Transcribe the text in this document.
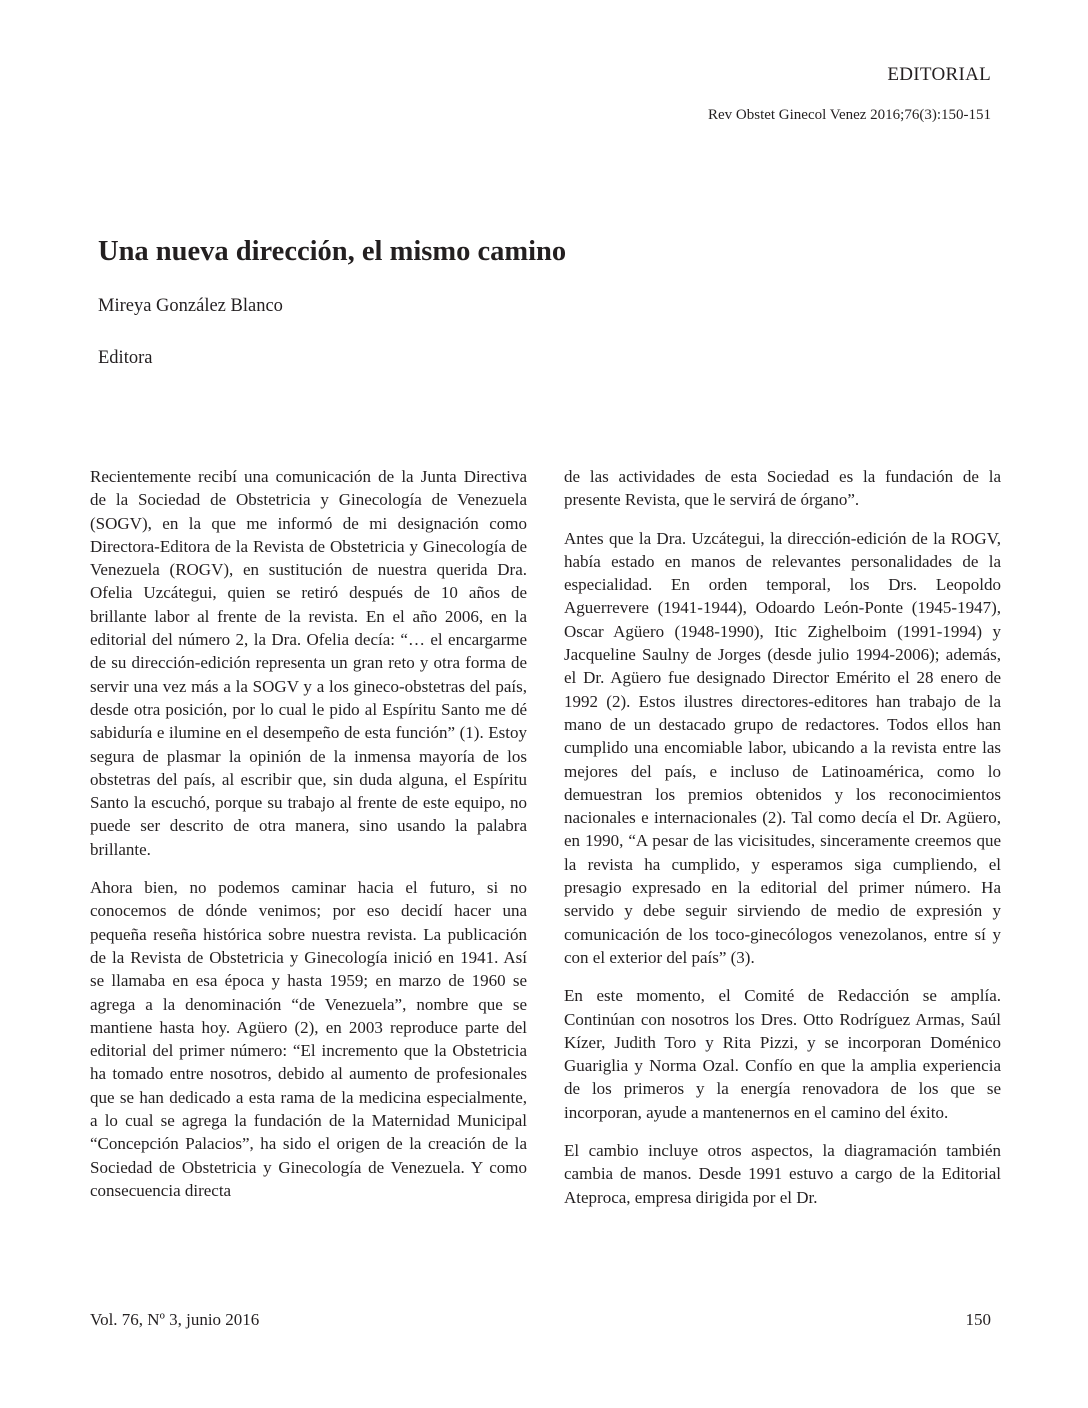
EDITORIAL
Rev Obstet Ginecol Venez 2016;76(3):150-151
Una nueva dirección, el mismo camino
Mireya González Blanco
Editora

Recientemente recibí una comunicación de la Junta Directiva de la Sociedad de Obstetricia y Ginecología de Venezuela (SOGV), en la que me informó de mi designación como Directora-Editora de la Revista de Obstetricia y Ginecología de Venezuela (ROGV), en sustitución de nuestra querida Dra. Ofelia Uzcátegui, quien se retiró después de 10 años de brillante labor al frente de la revista. En el año 2006, en la editorial del número 2, la Dra. Ofelia decía: “… el encargarme de su dirección-edición representa un gran reto y otra forma de servir una vez más a la SOGV y a los gineco-obstetras del país, desde otra posición, por lo cual le pido al Espíritu Santo me dé sabiduría e ilumine en el desempeño de esta función” (1). Estoy segura de plasmar la opinión de la inmensa mayoría de los obstetras del país, al escribir que, sin duda alguna, el Espíritu Santo la escuchó, porque su trabajo al frente de este equipo, no puede ser descrito de otra manera, sino usando la palabra brillante.

Ahora bien, no podemos caminar hacia el futuro, si no conocemos de dónde venimos; por eso decidí hacer una pequeña reseña histórica sobre nuestra revista. La publicación de la Revista de Obstetricia y Ginecología inició en 1941. Así se llamaba en esa época y hasta 1959; en marzo de 1960 se agrega a la denominación “de Venezuela”, nombre que se mantiene hasta hoy. Agüero (2), en 2003 reproduce parte del editorial del primer número: “El incremento que la Obstetricia ha tomado entre nosotros, debido al aumento de profesionales que se han dedicado a esta rama de la medicina especialmente, a lo cual se agrega la fundación de la Maternidad Municipal “Concepción Palacios”, ha sido el origen de la creación de la Sociedad de Obstetricia y Ginecología de Venezuela. Y como consecuencia directa

de las actividades de esta Sociedad es la fundación de la presente Revista, que le servirá de órgano”.

Antes que la Dra. Uzcátegui, la dirección-edición de la ROGV, había estado en manos de relevantes personalidades de la especialidad. En orden temporal, los Drs. Leopoldo Aguerrevere (1941-1944), Odoardo León-Ponte (1945-1947), Oscar Agüero (1948-1990), Itic Zighelboim (1991-1994) y Jacqueline Saulny de Jorges (desde julio 1994-2006); además, el Dr. Agüero fue designado Director Emérito el 28 enero de 1992 (2). Estos ilustres directores-editores han trabajo de la mano de un destacado grupo de redactores. Todos ellos han cumplido una encomiable labor, ubicando a la revista entre las mejores del país, e incluso de Latinoamérica, como lo demuestran los premios obtenidos y los reconocimientos nacionales e internacionales (2). Tal como decía el Dr. Agüero, en 1990, “A pesar de las vicisitudes, sinceramente creemos que la revista ha cumplido, y esperamos siga cumpliendo, el presagio expresado en la editorial del primer número. Ha servido y debe seguir sirviendo de medio de expresión y comunicación de los toco-ginecólogos venezolanos, entre sí y con el exterior del país” (3).

En este momento, el Comité de Redacción se amplía. Continúan con nosotros los Dres. Otto Rodríguez Armas, Saúl Kízer, Judith Toro y Rita Pizzi, y se incorporan Doménico Guariglia y Norma Ozal. Confío en que la amplia experiencia de los primeros y la energía renovadora de los que se incorporan, ayude a mantenernos en el camino del éxito.

El cambio incluye otros aspectos, la diagramación también cambia de manos. Desde 1991 estuvo a cargo de la Editorial Ateproca, empresa dirigida por el Dr.

Vol. 76, Nº 3, junio 2016	150
